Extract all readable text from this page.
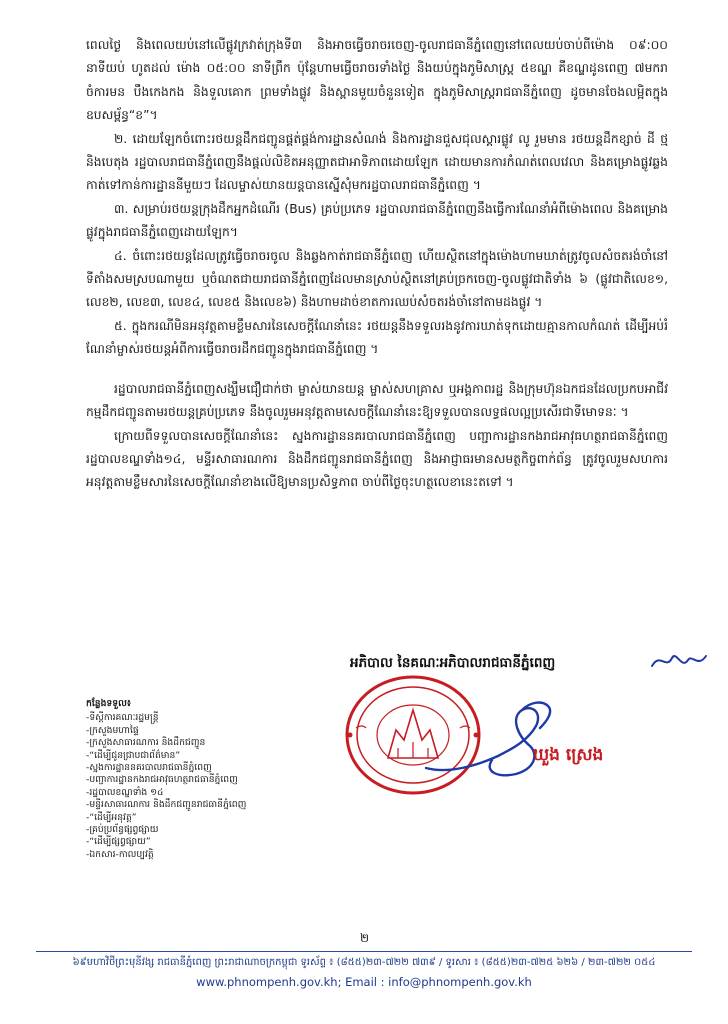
ពេលថ្ងៃ និងពេលយប់នៅលើផ្លូវក្រវាត់ក្រុងទី៣ និងអាចធ្វើចរាចរចេញ-ចូលរាជធានីភ្នំពេញនៅពេលយប់ចាប់ពីម៉ោង ០៩:០០ នាទីយប់ ហូតដល់ ម៉ោង ០៥:០០ នាទីព្រឹក ប៉ុន្តែហាមធ្វើចរាចរទាំងថ្ងៃ និងយប់ក្នុងភូមិសាស្ត្រ ៥ខណ្ឌ គឺខណ្ឌដូនពេញ ៧មករា ចំការមន បឹងកេងកង និងទួលគោក ព្រមទាំងផ្លូវ និងស្ពានមួយចំនួនទៀត ក្នុងភូមិសាស្ត្ររាជធានីភ្នំពេញ ដូចមានចែងលម្អិតក្នុងឧបសម្ព័ន្ធ“ខ”។

២. ដោយឡែកចំពោះរថយន្តដឹកជញ្ជូនផ្គត់ផ្គង់ការដ្ឋានសំណង់ និងការដ្ឋានជួសជុលស្តារផ្លូវ លូ រួមមាន រថយន្តដឹកខ្សាច់ ដី ថ្ម និងបេតុង រដ្ឋបាលរាជធានីភ្នំពេញនឹងផ្តល់លិខិតអនុញ្ញាតជាអាទិភាពដោយឡែក ដោយមានការកំណត់ពេលវេលា និងគម្រោងផ្លូវឆ្លងកាត់ទៅកាន់ការដ្ឋាននីមួយៗ ដែលម្ចាស់យានយន្តបានស្នើសុំមករដ្ឋបាលរាជធានីភ្នំពេញ ។

៣. សម្រាប់រថយន្តក្រុងដឹកអ្នកដំណើរ (Bus) គ្រប់ប្រភេទ រដ្ឋបាលរាជធានីភ្នំពេញនឹងធ្វើការណែនាំអំពីម៉ោងពេល និងគម្រោងផ្លូវក្នុងរាជធានីភ្នំពេញដោយឡែក។

៤. ចំពោះរថយន្តដែលត្រូវធ្វើចរាចរចូល និងឆ្លងកាត់រាជធានីភ្នំពេញ ហើយស្ថិតនៅក្នុងម៉ោងហាមឃាត់ត្រូវចូលសំចតរង់ចាំនៅទីតាំងសមស្របណាមួយ ឬចំណតជាយរាជធានីភ្នំពេញដែលមានស្រាប់ស្ថិតនៅគ្រប់ច្រកចេញ-ចូលផ្លូវជាតិទាំង ៦ (ផ្លូវជាតិលេខ១, លេខ២, លេខ៣, លេខ៤, លេខ៥ និងលេខ៦) និងហាមដាច់ខាតការឈប់សំចតរង់ចាំនៅតាមដងផ្លូវ ។

៥. ក្នុងករណីមិនអនុវត្តតាមខ្លឹមសារនៃសេចក្តីណែនាំនេះ រថយន្តនឹងទទួលរងនូវការឃាត់ទុកដោយគ្មានកាលកំណត់ ដើម្បីអប់រំណែនាំម្ចាស់រថយន្តអំពីការធ្វើចរាចរដឹកជញ្ជូនក្នុងរាជធានីភ្នំពេញ ។

រដ្ឋបាលរាជធានីភ្នំពេញសង្ឃឹមជឿជាក់ថា ម្ចាស់យានយន្ត ម្ចាស់សហគ្រាស ឬអង្គភាពរដ្ឋ និងក្រុមហ៊ុនឯកជនដែលប្រកបអាជីវកម្មដឹកជញ្ជូនតាមរថយន្តគ្រប់ប្រភេទ នឹងចូលរួមអនុវត្តតាមសេចក្តីណែនាំនេះឱ្យទទួលបានលទ្ធផលល្អប្រសើរជាទីមោទនៈ ។

ក្រោយពីទទួលបានសេចក្តីណែនាំនេះ ស្នងការដ្ឋាននគរបាលរាជធានីភ្នំពេញ បញ្ជាការដ្ឋានកងរាជអាវុធហត្ថរាជធានីភ្នំពេញ រដ្ឋបាលខណ្ឌទាំង១៤, មន្ទីរសាធារណការ និងដឹកជញ្ជូនរាជធានីភ្នំពេញ និងអាជ្ញាធរមានសមត្ថកិច្ចពាក់ព័ន្ធ ត្រូវចូលរួមសហការអនុវត្តតាមខ្លឹមសារនៃសេចក្តីណែនាំខាងលើឱ្យមានប្រសិទ្ធភាព ចាប់ពីថ្ងៃចុះហត្ថលេខានេះតទៅ ។

អភិបាល នៃគណៈអភិបាលរាជធានីភ្នំពេញ
ឃួង ស្រេង
កន្លែងទទួល៖
-ទីស្តីការគណៈរដ្ឋមន្ត្រី
-ក្រសួងមហាផ្ទៃ
-ក្រសួងសាធារណការ និងដឹកជញ្ជូន
-“ដើម្បីជូនជ្រាបជាព័ត៌មាន”
-ស្នងការដ្ឋាននគរបាលរាជធានីភ្នំពេញ
-បញ្ជាការដ្ឋានកងរាជអាវុធហត្ថរាជធានីភ្នំពេញ
-រដ្ឋបាលខណ្ឌទាំង ១៤
-មន្ទីរសាធារណការ និងដឹកជញ្ជូនរាជធានីភ្នំពេញ
-“ដើម្បីអនុវត្ត”
-គ្រប់ប្រព័ន្ធផ្សព្វផ្សាយ
-“ដើម្បីផ្សព្វផ្សាយ”
-ឯកសារ-កាលប្បវត្តិ
២
៦៩មហាវិថីព្រះមុនីវង្ស រាជធានីភ្នំពេញ ព្រះរាជាណាចក្រកម្ពុជា ទូរស័ព្ទ ៖ (៨៥៥)២៣-៧២២ ៧៣៩ / ទូរសារ ៖ (៨៥៥)២៣-៧២៥ ៦២៦ / ២៣-៧២២ ០៥៤
www.phnompenh.gov.kh; Email : info@phnompenh.gov.kh
